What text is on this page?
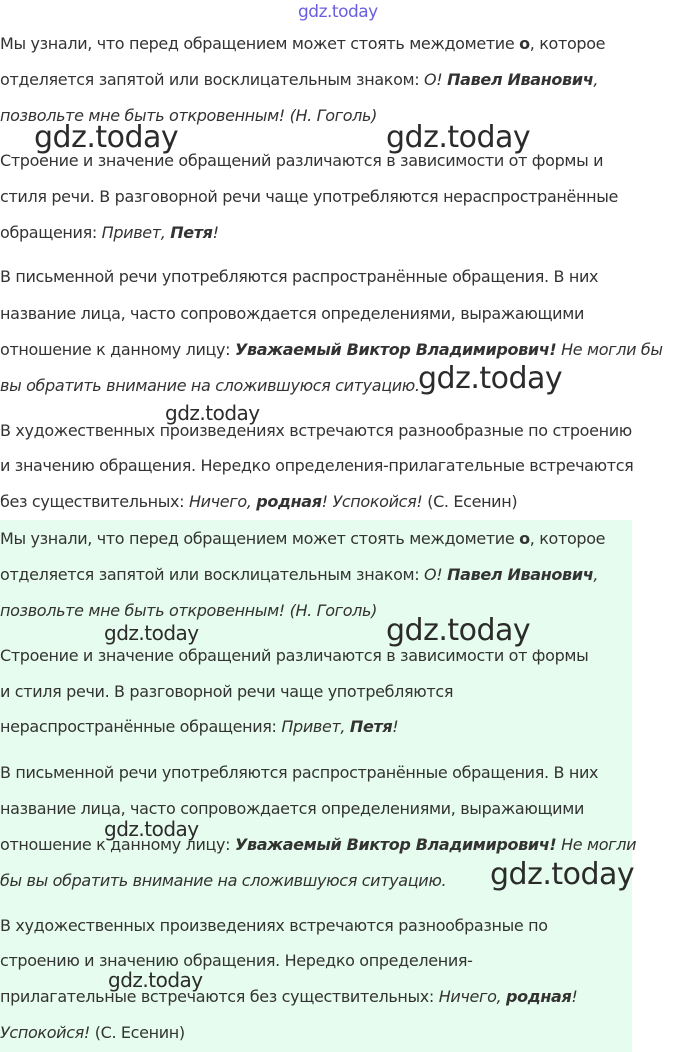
Мы узнали, что перед обращением может стоять междометие о, которое
отделяется запятой или восклицательным знаком: О! Павел Иванович,
позвольте мне быть откровенным! (Н. Гоголь)
Строение и значение обращений различаются в зависимости от формы и
стиля речи. В разговорной речи чаще употребляются нераспространённые
обращения: Привет, Петя!
В письменной речи употребляются распространённые обращения. В них
название лица, часто сопровождается определениями, выражающими
отношение к данному лицу: Уважаемый Виктор Владимирович! Не могли бы
вы обратить внимание на сложившуюся ситуацию.
В художественных произведениях встречаются разнообразные по строению
и значению обращения. Нередко определения-прилагательные встречаются
без существительных: Ничего, родная! Успокойся! (С. Есенин)
Мы узнали, что перед обращением может стоять междометие о, которое
отделяется запятой или восклицательным знаком: О! Павел Иванович,
позвольте мне быть откровенным! (Н. Гоголь)
Строение и значение обращений различаются в зависимости от формы
и стиля речи. В разговорной речи чаще употребляются
нераспространённые обращения: Привет, Петя!
В письменной речи употребляются распространённые обращения. В них
название лица, часто сопровождается определениями, выражающими
отношение к данному лицу: Уважаемый Виктор Владимирович! Не могли
бы вы обратить внимание на сложившуюся ситуацию.
В художественных произведениях встречаются разнообразные по
строению и значению обращения. Нередко определения-
прилагательные встречаются без существительных: Ничего, родная!
Успокойся! (С. Есенин)
gdz.today
gdz.today	gdz.today
gdz.today
gdz.today
gdz.today	gdz.today
gdz.today
gdz.today
gdz.today
